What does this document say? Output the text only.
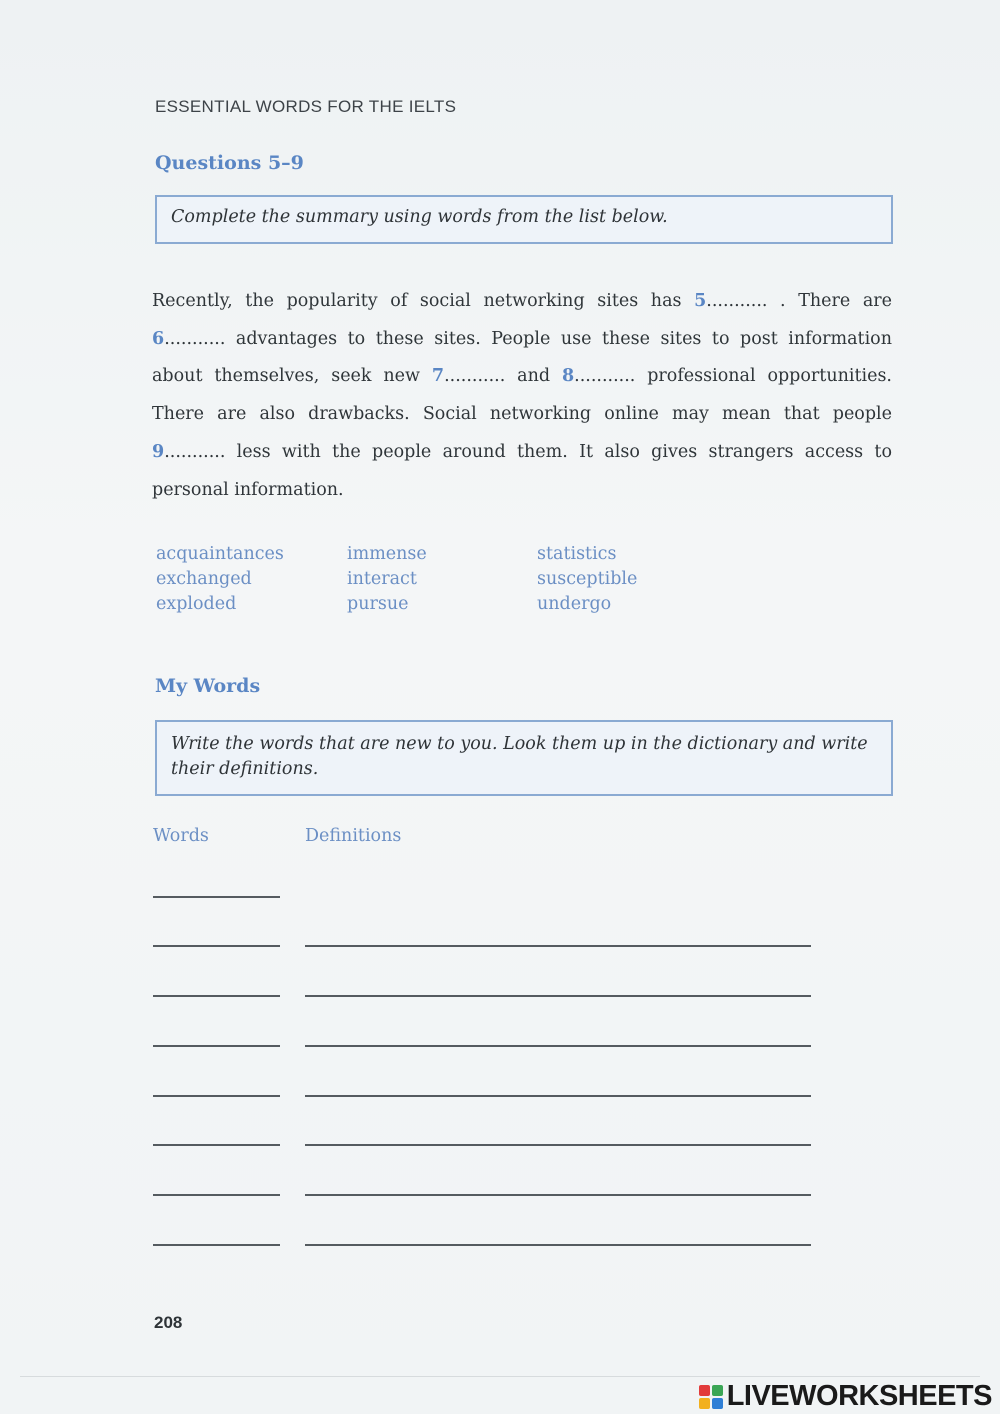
ESSENTIAL WORDS FOR THE IELTS
Questions 5–9
Complete the summary using words from the list below.
Recently, the popularity of social networking sites has 5........... . There are 6........... advantages to these sites. People use these sites to post information about themselves, seek new 7........... and 8........... professional opportunities. There are also drawbacks. Social networking online may mean that people 9........... less with the people around them. It also gives strangers access to personal information.
acquaintances	immense	statistics
exchanged	interact	susceptible
exploded	pursue	undergo
My Words
Write the words that are new to you. Look them up in the dictionary and write their definitions.
Words	Definitions
208
LIVEWORKSHEETS
